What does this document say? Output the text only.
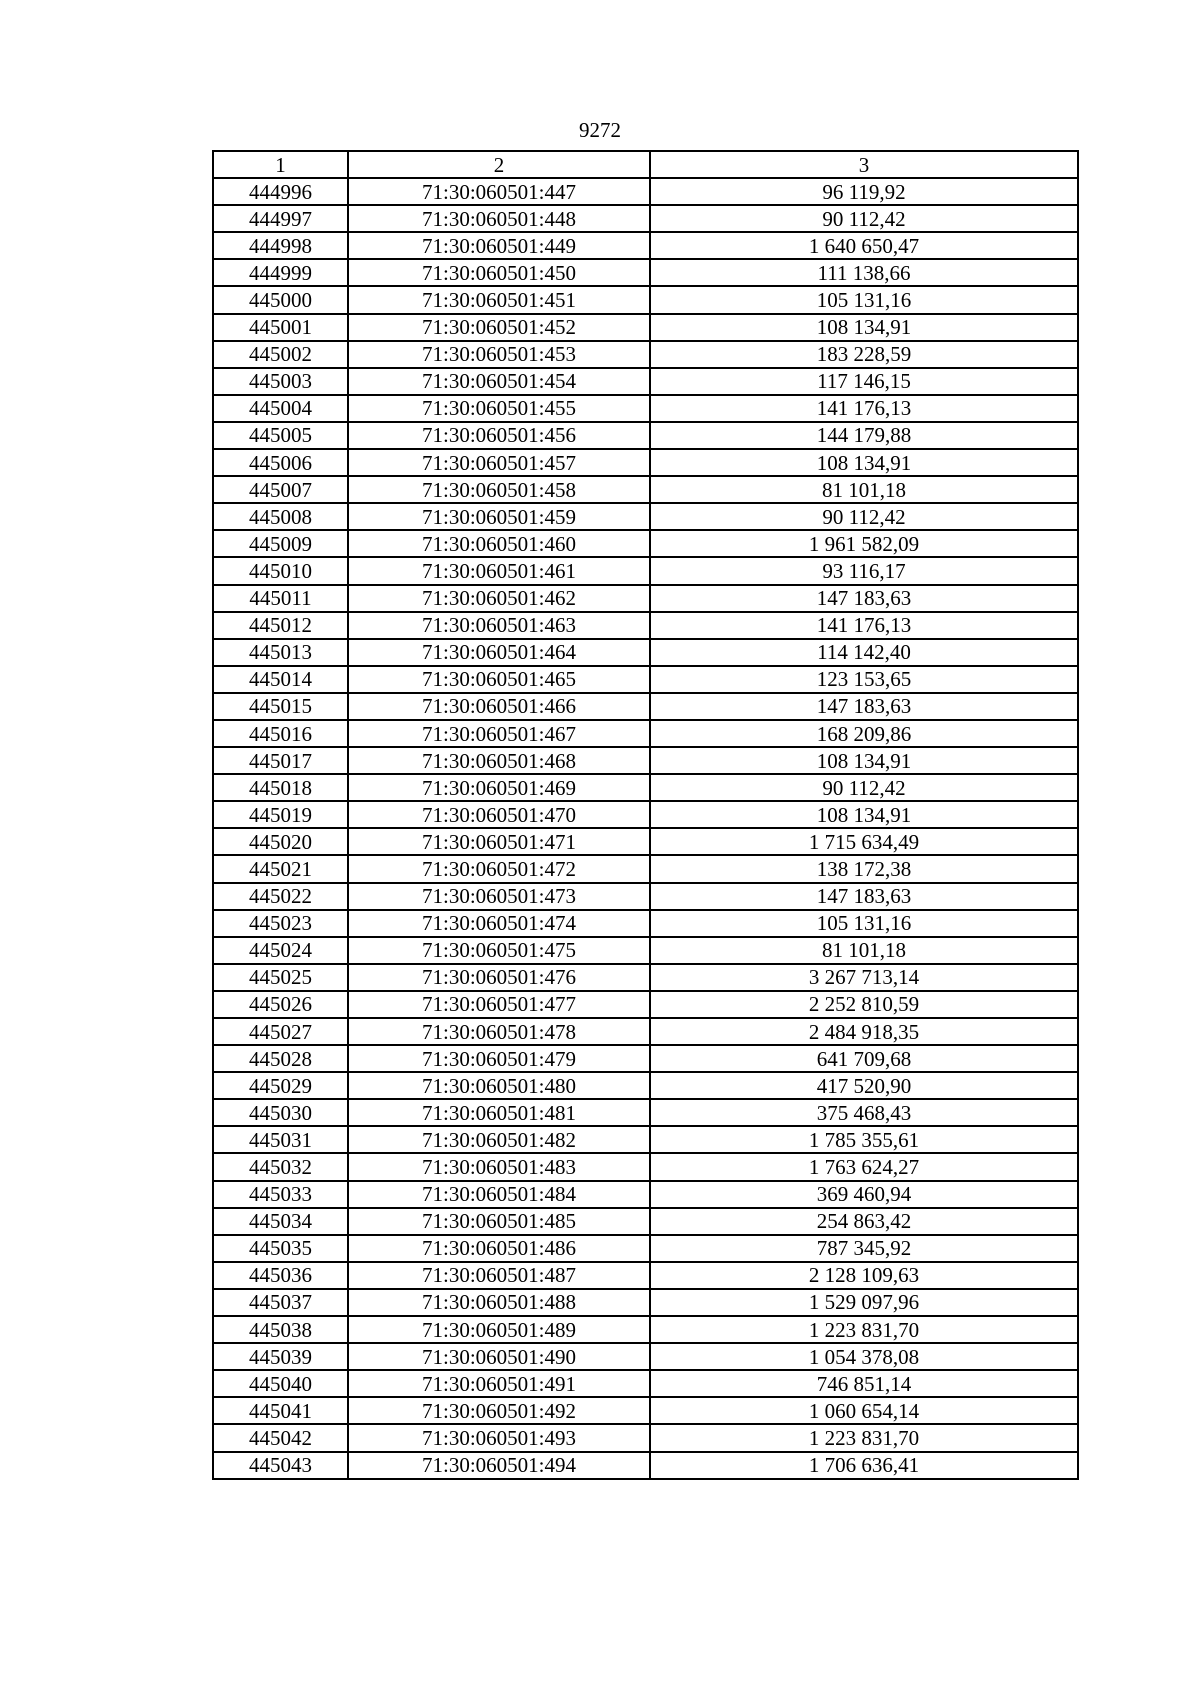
9272
1	2	3
444996	71:30:060501:447	96 119,92
444997	71:30:060501:448	90 112,42
444998	71:30:060501:449	1 640 650,47
444999	71:30:060501:450	111 138,66
445000	71:30:060501:451	105 131,16
445001	71:30:060501:452	108 134,91
445002	71:30:060501:453	183 228,59
445003	71:30:060501:454	117 146,15
445004	71:30:060501:455	141 176,13
445005	71:30:060501:456	144 179,88
445006	71:30:060501:457	108 134,91
445007	71:30:060501:458	81 101,18
445008	71:30:060501:459	90 112,42
445009	71:30:060501:460	1 961 582,09
445010	71:30:060501:461	93 116,17
445011	71:30:060501:462	147 183,63
445012	71:30:060501:463	141 176,13
445013	71:30:060501:464	114 142,40
445014	71:30:060501:465	123 153,65
445015	71:30:060501:466	147 183,63
445016	71:30:060501:467	168 209,86
445017	71:30:060501:468	108 134,91
445018	71:30:060501:469	90 112,42
445019	71:30:060501:470	108 134,91
445020	71:30:060501:471	1 715 634,49
445021	71:30:060501:472	138 172,38
445022	71:30:060501:473	147 183,63
445023	71:30:060501:474	105 131,16
445024	71:30:060501:475	81 101,18
445025	71:30:060501:476	3 267 713,14
445026	71:30:060501:477	2 252 810,59
445027	71:30:060501:478	2 484 918,35
445028	71:30:060501:479	641 709,68
445029	71:30:060501:480	417 520,90
445030	71:30:060501:481	375 468,43
445031	71:30:060501:482	1 785 355,61
445032	71:30:060501:483	1 763 624,27
445033	71:30:060501:484	369 460,94
445034	71:30:060501:485	254 863,42
445035	71:30:060501:486	787 345,92
445036	71:30:060501:487	2 128 109,63
445037	71:30:060501:488	1 529 097,96
445038	71:30:060501:489	1 223 831,70
445039	71:30:060501:490	1 054 378,08
445040	71:30:060501:491	746 851,14
445041	71:30:060501:492	1 060 654,14
445042	71:30:060501:493	1 223 831,70
445043	71:30:060501:494	1 706 636,41
